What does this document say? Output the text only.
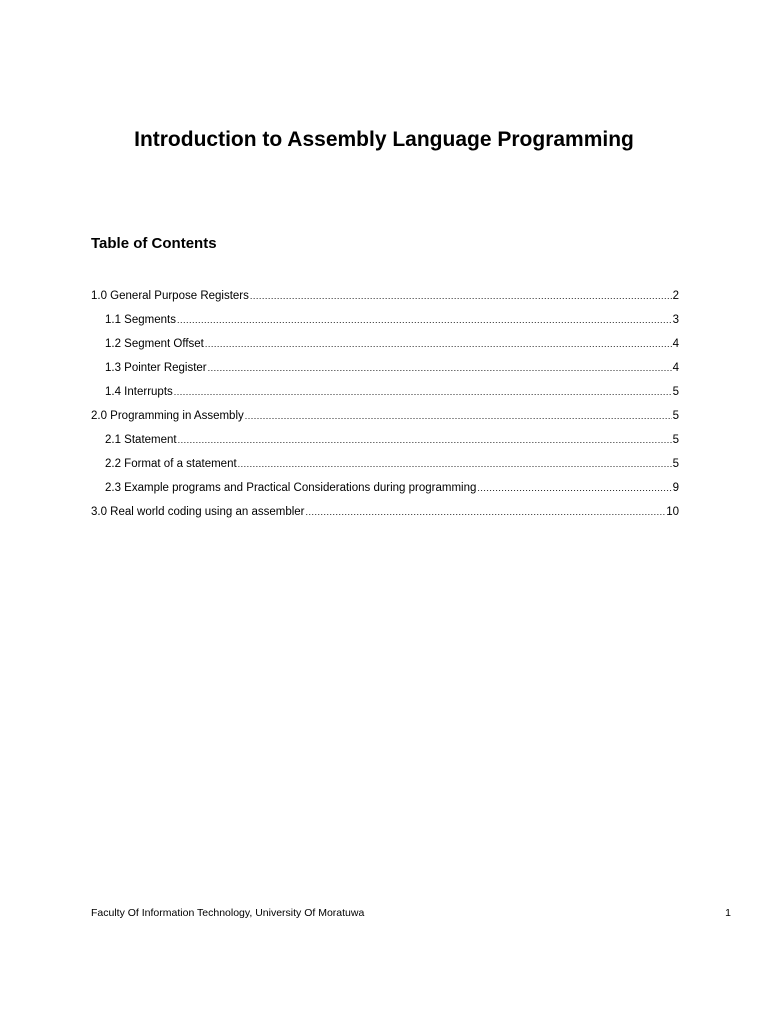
Introduction to Assembly Language Programming
Table of Contents
1.0 General Purpose Registers .....	2
1.1 Segments .....	3
1.2 Segment Offset .....	4
1.3 Pointer Register .....	4
1.4 Interrupts .....	5
2.0 Programming in Assembly .....	5
2.1 Statement .....	5
2.2 Format of a statement .....	5
2.3 Example programs and Practical Considerations during programming .....	9
3.0 Real world coding using an assembler .....	10
Faculty Of Information Technology, University Of Moratuwa	1
